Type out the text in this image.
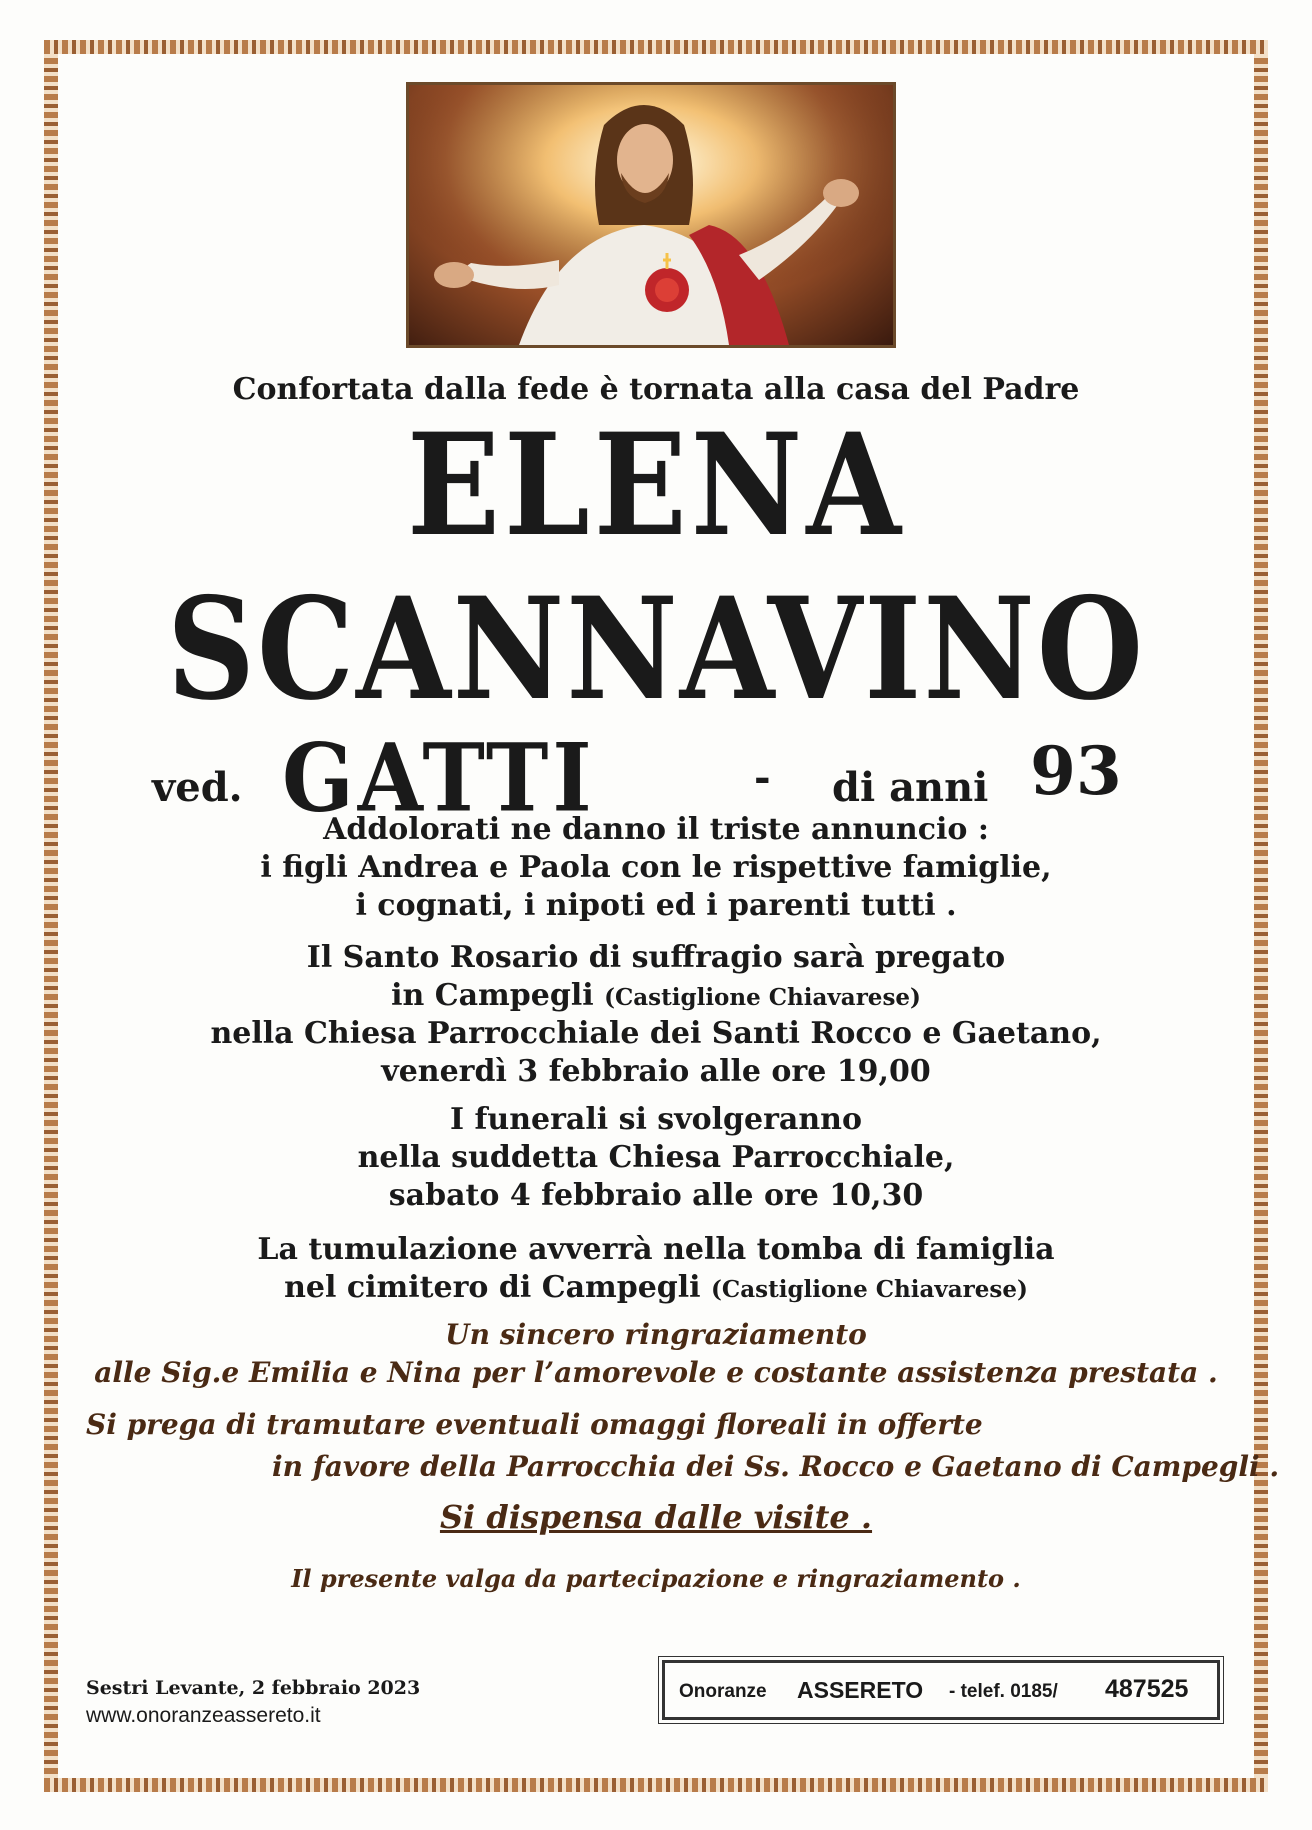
Confortata dalla fede è tornata alla casa del Padre
ELENA
SCANNAVINO
ved. GATTI	- di anni 93
Addolorati ne danno il triste annuncio :
i figli Andrea e Paola con le rispettive famiglie,
i cognati, i nipoti ed i parenti tutti .
Il Santo Rosario di suffragio sarà pregato
in Campegli (Castiglione Chiavarese)
nella Chiesa Parrocchiale dei Santi Rocco e Gaetano,
venerdì 3 febbraio alle ore 19,00
I funerali si svolgeranno
nella suddetta Chiesa Parrocchiale,
sabato 4 febbraio alle ore 10,30
La tumulazione avverrà nella tomba di famiglia
nel cimitero di Campegli (Castiglione Chiavarese)
Un sincero ringraziamento
alle Sig.e Emilia e Nina per l’amorevole e costante assistenza prestata .
Si prega di tramutare eventuali omaggi floreali in offerte
in favore della Parrocchia dei Ss. Rocco e Gaetano di Campegli .
Si dispensa dalle visite .
Il presente valga da partecipazione e ringraziamento .
Sestri Levante, 2 febbraio 2023
www.onoranzeassereto.it
Onoranze ASSERETO - telef. 0185/ 487525
